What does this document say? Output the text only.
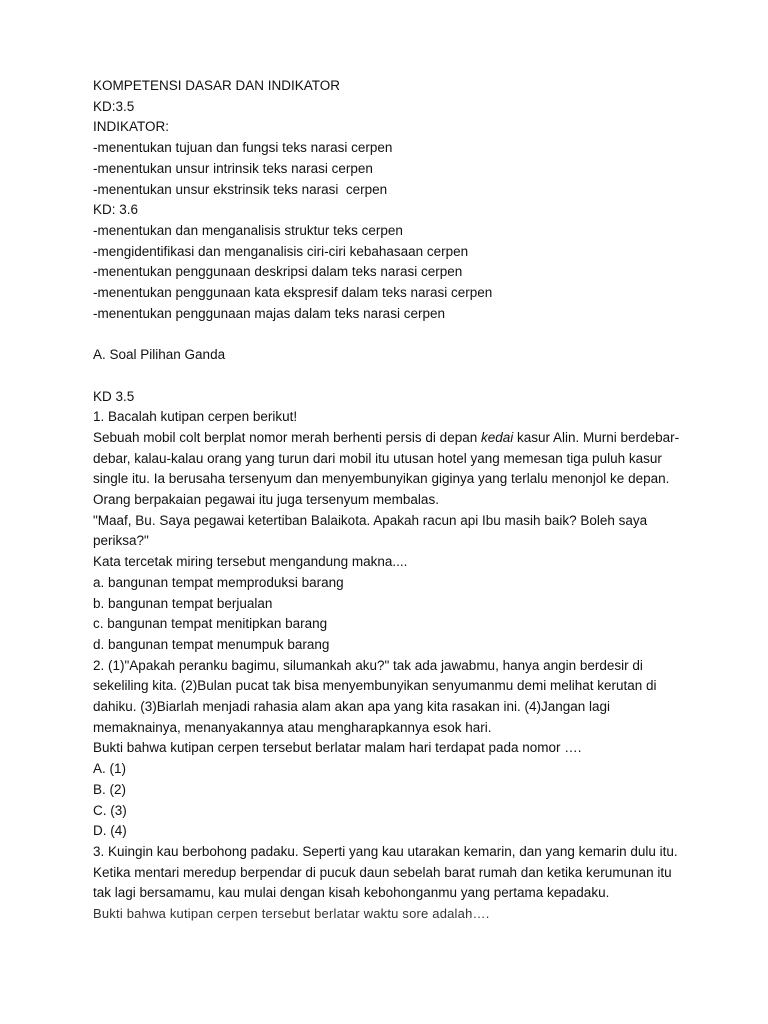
KOMPETENSI DASAR DAN INDIKATOR
KD:3.5
INDIKATOR:
-menentukan tujuan dan fungsi teks narasi cerpen
-menentukan unsur intrinsik teks narasi cerpen
-menentukan unsur ekstrinsik teks narasi  cerpen
KD: 3.6
-menentukan dan menganalisis struktur teks cerpen
-mengidentifikasi dan menganalisis ciri-ciri kebahasaan cerpen
-menentukan penggunaan deskripsi dalam teks narasi cerpen
-menentukan penggunaan kata ekspresif dalam teks narasi cerpen
-menentukan penggunaan majas dalam teks narasi cerpen
A. Soal Pilihan Ganda
KD 3.5
1. Bacalah kutipan cerpen berikut!
Sebuah mobil colt berplat nomor merah berhenti persis di depan kedai kasur Alin. Murni berdebar-debar, kalau-kalau orang yang turun dari mobil itu utusan hotel yang memesan tiga puluh kasur single itu. Ia berusaha tersenyum dan menyembunyikan giginya yang terlalu menonjol ke depan. Orang berpakaian pegawai itu juga tersenyum membalas.
"Maaf, Bu. Saya pegawai ketertiban Balaikota. Apakah racun api Ibu masih baik? Boleh saya periksa?"
Kata tercetak miring tersebut mengandung makna....
a. bangunan tempat memproduksi barang
b. bangunan tempat berjualan
c. bangunan tempat menitipkan barang
d. bangunan tempat menumpuk barang
2. (1)"Apakah peranku bagimu, silumankah aku?" tak ada jawabmu, hanya angin berdesir di sekeliling kita. (2)Bulan pucat tak bisa menyembunyikan senyumanmu demi melihat kerutan di dahiku. (3)Biarlah menjadi rahasia alam akan apa yang kita rasakan ini. (4)Jangan lagi memaknainya, menanyakannya atau mengharapkannya esok hari.
Bukti bahwa kutipan cerpen tersebut berlatar malam hari terdapat pada nomor ….
A. (1)
B. (2)
C. (3)
D. (4)
3. Kuingin kau berbohong padaku. Seperti yang kau utarakan kemarin, dan yang kemarin dulu itu. Ketika mentari meredup berpendar di pucuk daun sebelah barat rumah dan ketika kerumunan itu tak lagi bersamamu, kau mulai dengan kisah kebohonganmu yang pertama kepadaku.
Bukti bahwa kutipan cerpen tersebut berlatar waktu sore adalah….
